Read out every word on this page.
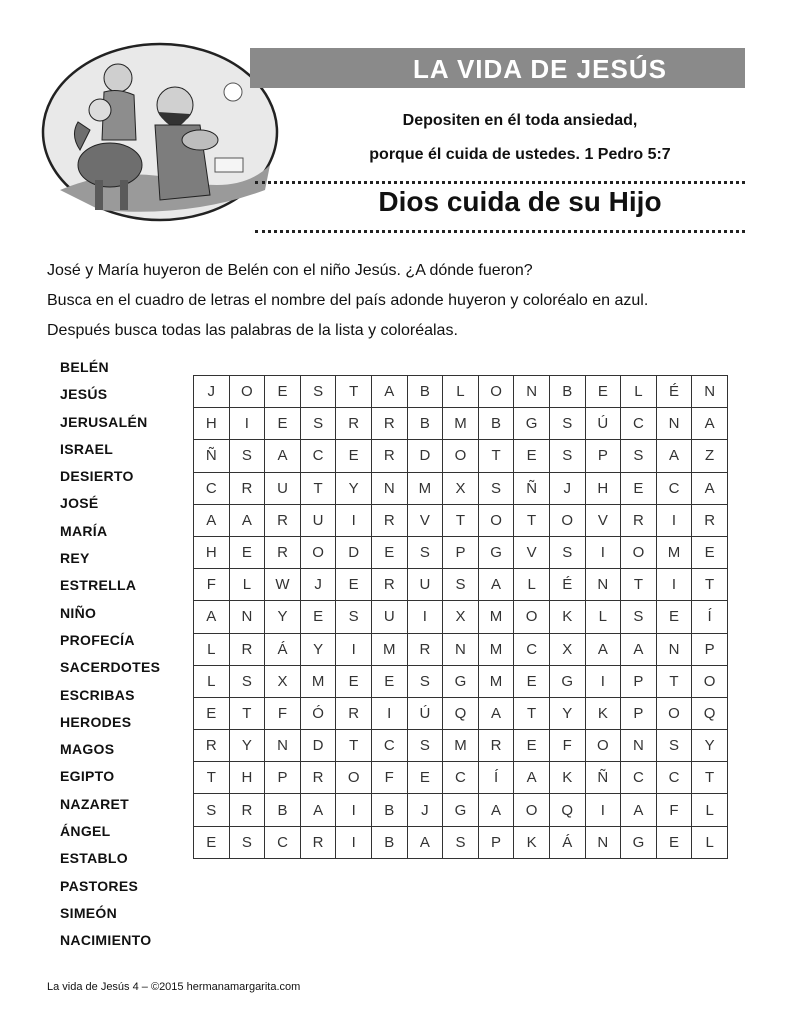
LA VIDA DE JESÚS
Depositen en él toda ansiedad,
porque él cuida de ustedes. 1 Pedro 5:7
Dios cuida de su Hijo
José y María huyeron de Belén con el niño Jesús. ¿A dónde fueron?
Busca en el cuadro de letras el nombre del país adonde huyeron y coloréalo en azul.
Después busca todas las palabras de la lista y coloréalas.
BELÉN
JESÚS
JERUSALÉN
ISRAEL
DESIERTO
JOSÉ
MARÍA
REY
ESTRELLA
NIÑO
PROFECÍA
SACERDOTES
ESCRIBAS
HERODES
MAGOS
EGIPTO
NAZARET
ÁNGEL
ESTABLO
PASTORES
SIMEÓN
NACIMIENTO
J	O	E	S	T	A	B	L	O	N	B	E	L	É	N
H	I	E	S	R	R	B	M	B	G	S	Ú	C	N	A
Ñ	S	A	C	E	R	D	O	T	E	S	P	S	A	Z
C	R	U	T	Y	N	M	X	S	Ñ	J	H	E	C	A
A	A	R	U	I	R	V	T	O	T	O	V	R	I	R
H	E	R	O	D	E	S	P	G	V	S	I	O	M	E
F	L	W	J	E	R	U	S	A	L	É	N	T	I	T
A	N	Y	E	S	U	I	X	M	O	K	L	S	E	Í
L	R	Á	Y	I	M	R	N	M	C	X	A	A	N	P
L	S	X	M	E	E	S	G	M	E	G	I	P	T	O
E	T	F	Ó	R	I	Ú	Q	A	T	Y	K	P	O	Q
R	Y	N	D	T	C	S	M	R	E	F	O	N	S	Y
T	H	P	R	O	F	E	C	Í	A	K	Ñ	C	C	T
S	R	B	A	I	B	J	G	A	O	Q	I	A	F	L
E	S	C	R	I	B	A	S	P	K	Á	N	G	E	L
La vida de Jesús 4 – ©2015 hermanamargarita.com
